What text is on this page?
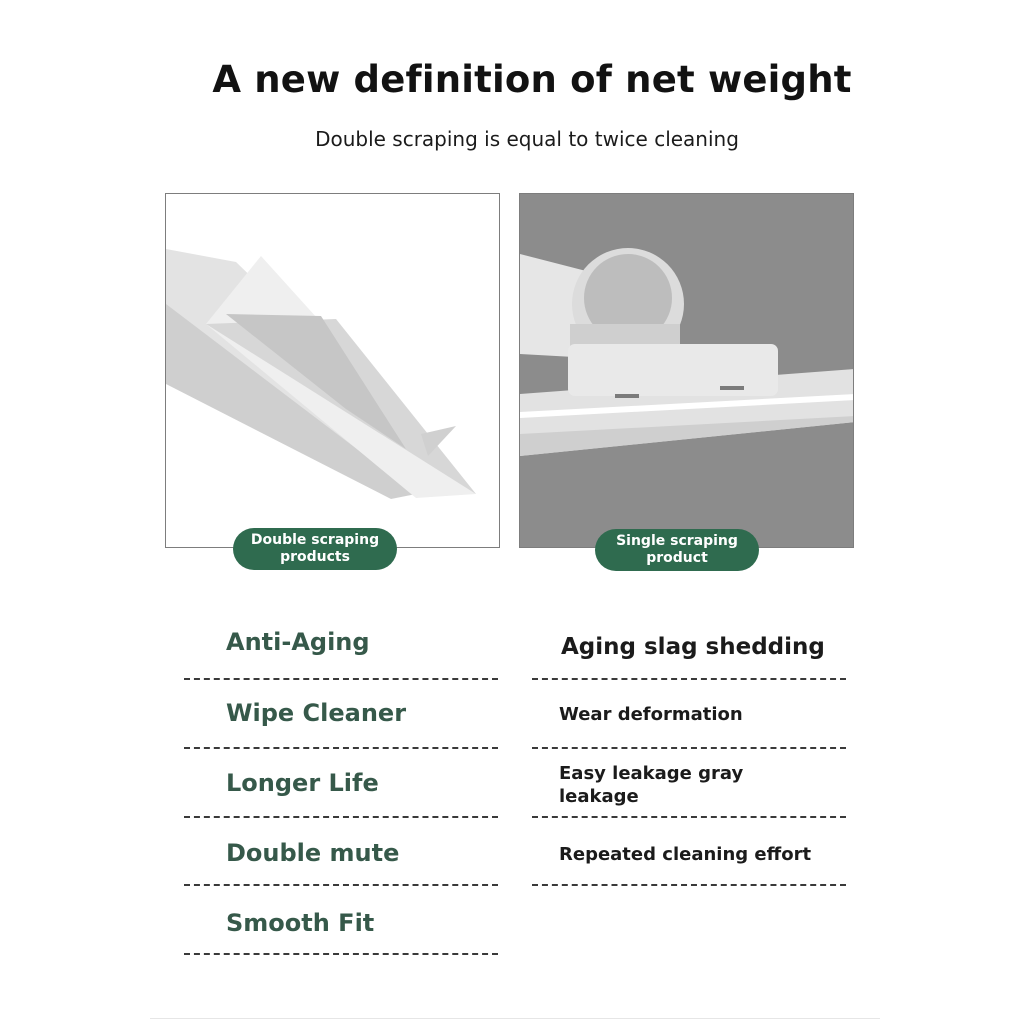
A new definition of net weight
Double scraping is equal to twice cleaning
Double scraping products
Single scraping product
Anti-Aging
Wipe Cleaner
Longer Life
Double mute
Smooth Fit
Aging slag shedding
Wear deformation
Easy leakage gray leakage
Repeated cleaning effort
